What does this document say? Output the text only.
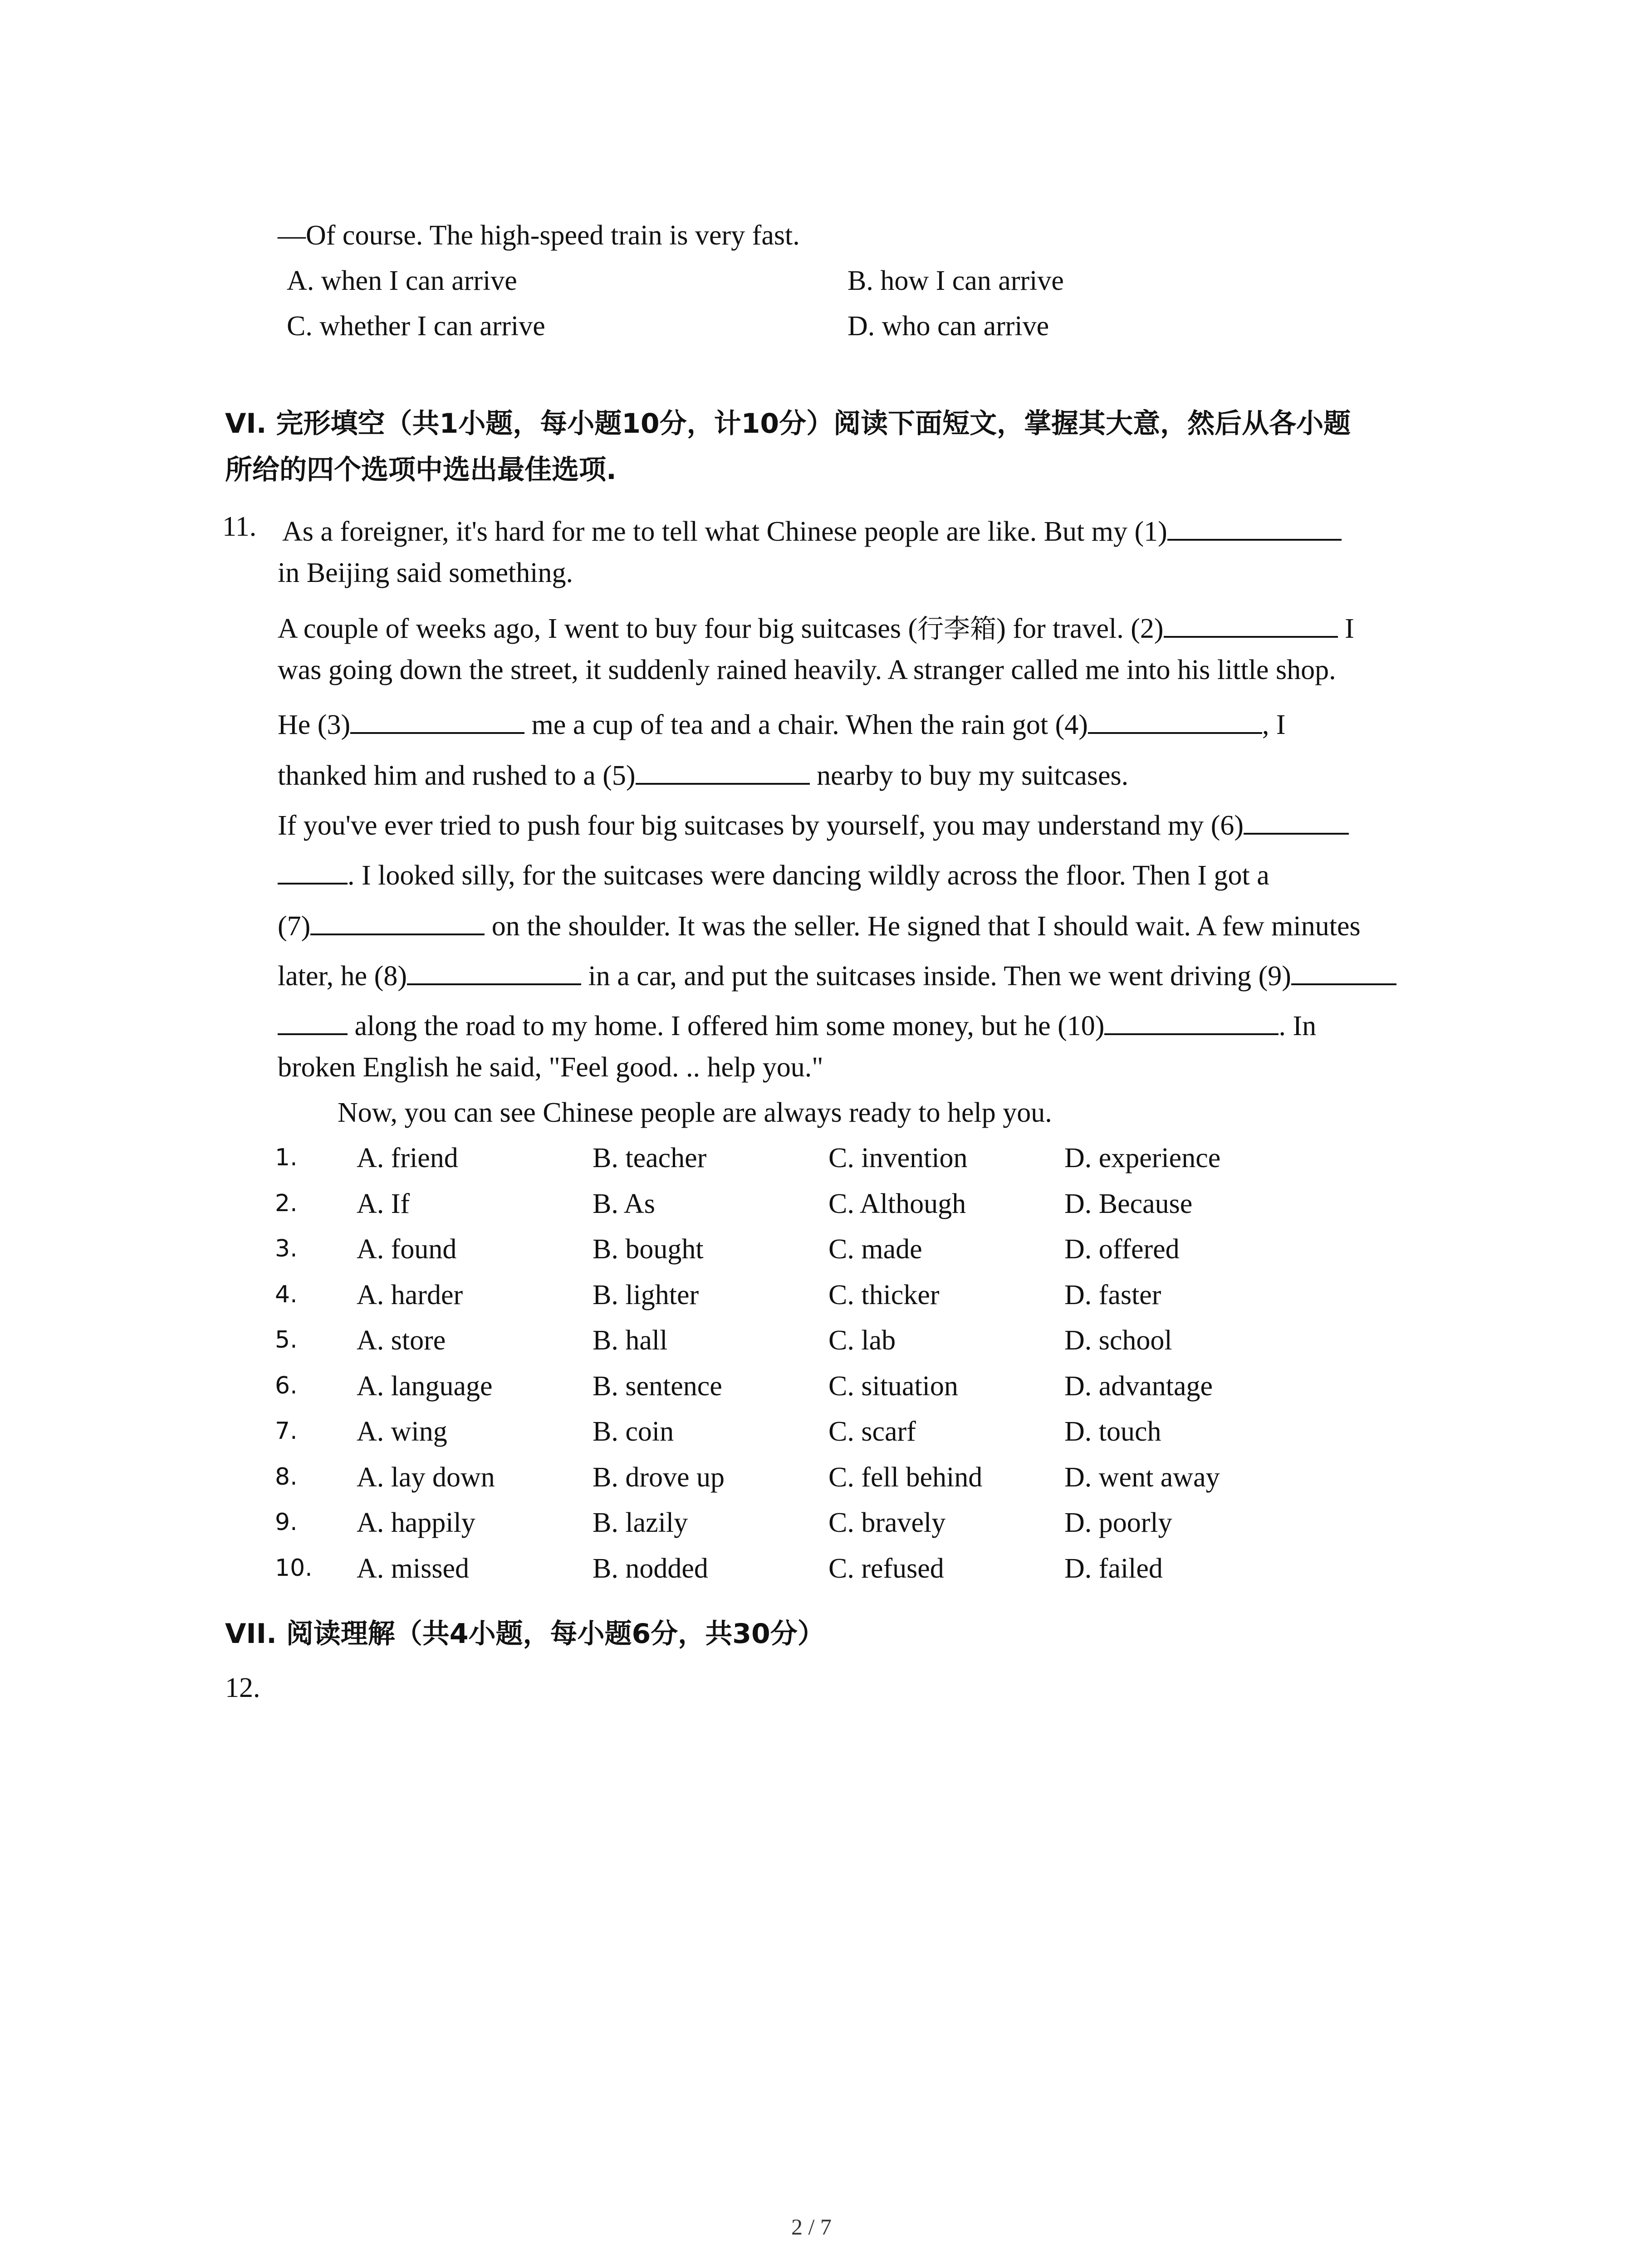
—Of course. The high-speed train is very fast.
A. when I can arrive	B. how I can arrive
C. whether I can arrive	D. who can arrive
VI. 完形填空（共1小题，每小题10分，计10分）阅读下面短文，掌握其大意，然后从各小题
所给的四个选项中选出最佳选项.
11. As a foreigner, it's hard for me to tell what Chinese people are like. But my (1)
in Beijing said something.
A couple of weeks ago, I went to buy four big suitcases (行李箱) for travel. (2)	I
was going down the street, it suddenly rained heavily. A stranger called me into his little shop.
He (3)	me a cup of tea and a chair. When the rain got (4)	, I
thanked him and rushed to a (5)	nearby to buy my suitcases.
If you've ever tried to push four big suitcases by yourself, you may understand my (6)
. I looked silly, for the suitcases were dancing wildly across the floor. Then I got a
(7)	on the shoulder. It was the seller. He signed that I should wait. A few minutes
later, he (8)	in a car, and put the suitcases inside. Then we went driving (9)
along the road to my home. I offered him some money, but he (10)	. In
broken English he said, "Feel good. .. help you."
Now, you can see Chinese people are always ready to help you.
1. A. friend	B. teacher	C. invention	D. experience
2. A. If	B. As	C. Although	D. Because
3. A. found	B. bought	C. made	D. offered
4. A. harder	B. lighter	C. thicker	D. faster
5. A. store	B. hall	C. lab	D. school
6. A. language	B. sentence	C. situation	D. advantage
7. A. wing	B. coin	C. scarf	D. touch
8. A. lay down	B. drove up	C. fell behind	D. went away
9. A. happily	B. lazily	C. bravely	D. poorly
10. A. missed	B. nodded	C. refused	D. failed
VII. 阅读理解（共4小题，每小题6分，共30分）
12.
2 / 7
